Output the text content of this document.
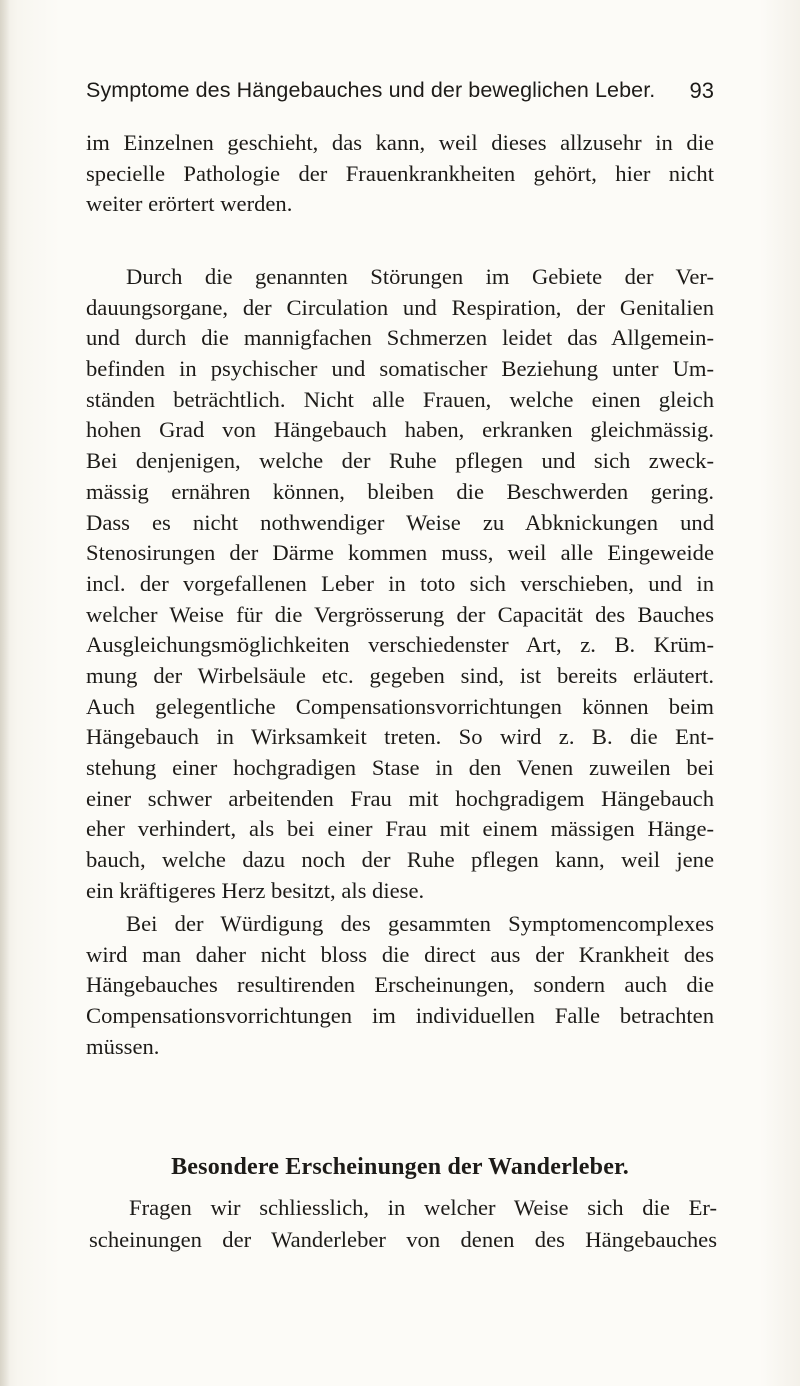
Symptome des Hängebauches und der beweglichen Leber. 93
im Einzelnen geschieht, das kann, weil dieses allzusehr in die
specielle Pathologie der Frauenkrankheiten gehört, hier nicht
weiter erörtert werden.
Durch die genannten Störungen im Gebiete der Ver-
dauungsorgane, der Circulation und Respiration, der Genitalien
und durch die mannigfachen Schmerzen leidet das Allgemein-
befinden in psychischer und somatischer Beziehung unter Um-
ständen beträchtlich. Nicht alle Frauen, welche einen gleich
hohen Grad von Hängebauch haben, erkranken gleichmässig.
Bei denjenigen, welche der Ruhe pflegen und sich zweck-
mässig ernähren können, bleiben die Beschwerden gering.
Dass es nicht nothwendiger Weise zu Abknickungen und
Stenosirungen der Därme kommen muss, weil alle Eingeweide
incl. der vorgefallenen Leber in toto sich verschieben, und in
welcher Weise für die Vergrösserung der Capacität des Bauches
Ausgleichungsmöglichkeiten verschiedenster Art, z. B. Krüm-
mung der Wirbelsäule etc. gegeben sind, ist bereits erläutert.
Auch gelegentliche Compensationsvorrichtungen können beim
Hängebauch in Wirksamkeit treten. So wird z. B. die Ent-
stehung einer hochgradigen Stase in den Venen zuweilen bei
einer schwer arbeitenden Frau mit hochgradigem Hängebauch
eher verhindert, als bei einer Frau mit einem mässigen Hänge-
bauch, welche dazu noch der Ruhe pflegen kann, weil jene
ein kräftigeres Herz besitzt, als diese.
Bei der Würdigung des gesammten Symptomencomplexes
wird man daher nicht bloss die direct aus der Krankheit des
Hängebauches resultirenden Erscheinungen, sondern auch die
Compensationsvorrichtungen im individuellen Falle betrachten
müssen.
Besondere Erscheinungen der Wanderleber.
Fragen wir schliesslich, in welcher Weise sich die Er-
scheinungen der Wanderleber von denen des Hängebauches
